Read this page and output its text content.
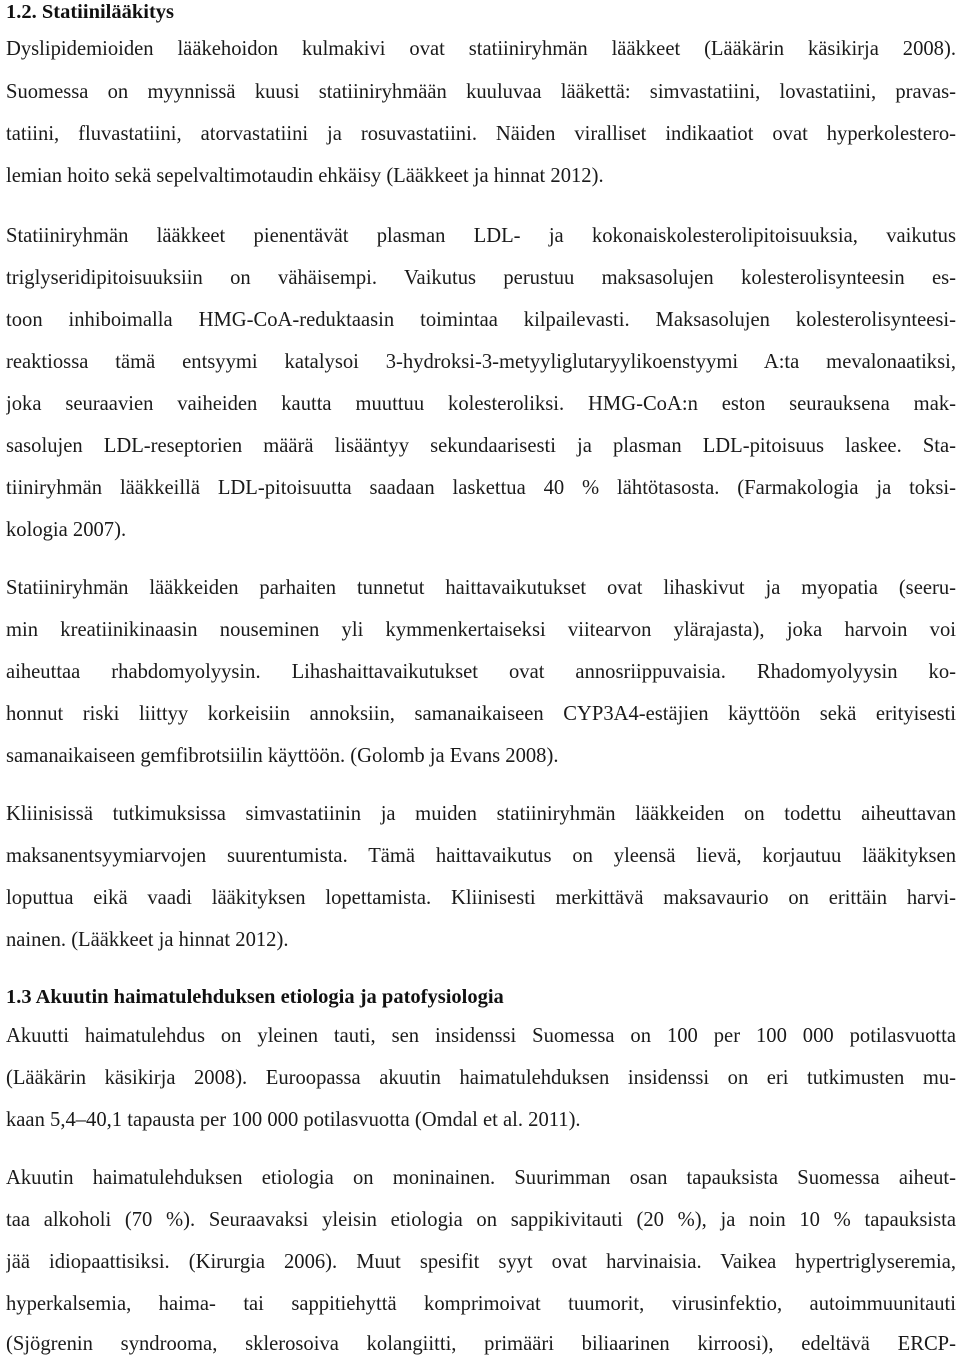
1.2. Statiinilääkitys
Dyslipidemioiden lääkehoidon kulmakivi ovat statiiniryhmän lääkkeet (Lääkärin käsikirja 2008).
Suomessa on myynnissä kuusi statiiniryhmään kuuluvaa lääkettä: simvastatiini, lovastatiini, pravas-
tatiini, fluvastatiini, atorvastatiini ja rosuvastatiini. Näiden viralliset indikaatiot ovat hyperkolestero-
lemian hoito sekä sepelvaltimotaudin ehkäisy (Lääkkeet ja hinnat 2012).
Statiiniryhmän lääkkeet pienentävät plasman LDL- ja kokonaiskolesterolipitoisuuksia, vaikutus
triglyseridipitoisuuksiin on vähäisempi. Vaikutus perustuu maksasolujen kolesterolisynteesin es-
toon inhiboimalla HMG-CoA-reduktaasin toimintaa kilpailevasti. Maksasolujen kolesterolisynteesi-
reaktiossa tämä entsyymi katalysoi 3-hydroksi-3-metyyliglutaryylikoenstyymi A:ta mevalonaatiksi,
joka seuraavien vaiheiden kautta muuttuu kolesteroliksi. HMG-CoA:n eston seurauksena mak-
sasolujen LDL-reseptorien määrä lisääntyy sekundaarisesti ja plasman LDL-pitoisuus laskee. Sta-
tiiniryhmän lääkkeillä LDL-pitoisuutta saadaan laskettua 40 % lähtötasosta. (Farmakologia ja toksi-
kologia 2007).
Statiiniryhmän lääkkeiden parhaiten tunnetut haittavaikutukset ovat lihaskivut ja myopatia (seeru-
min kreatiinikinaasin nouseminen yli kymmenkertaiseksi viitearvon ylärajasta), joka harvoin voi
aiheuttaa rhabdomyolyysin. Lihashaittavaikutukset ovat annosriippuvaisia. Rhadomyolyysin ko-
honnut riski liittyy korkeisiin annoksiin, samanaikaiseen CYP3A4-estäjien käyttöön sekä erityisesti
samanaikaiseen gemfibrotsiilin käyttöön. (Golomb ja Evans 2008).
Kliinisissä tutkimuksissa simvastatiinin ja muiden statiiniryhmän lääkkeiden on todettu aiheuttavan
maksanentsyymiarvojen suurentumista. Tämä haittavaikutus on yleensä lievä, korjautuu lääkityksen
loputtua eikä vaadi lääkityksen lopettamista. Kliinisesti merkittävä maksavaurio on erittäin harvi-
nainen. (Lääkkeet ja hinnat 2012).
1.3 Akuutin haimatulehduksen etiologia ja patofysiologia
Akuutti haimatulehdus on yleinen tauti, sen insidenssi Suomessa on 100 per 100 000 potilasvuotta
(Lääkärin käsikirja 2008). Euroopassa akuutin haimatulehduksen insidenssi on eri tutkimusten mu-
kaan 5,4–40,1 tapausta per 100 000 potilasvuotta (Omdal et al. 2011).
Akuutin haimatulehduksen etiologia on moninainen. Suurimman osan tapauksista Suomessa aiheut-
taa alkoholi (70 %). Seuraavaksi yleisin etiologia on sappikivitauti (20 %), ja noin 10 % tapauksista
jää idiopaattisiksi. (Kirurgia 2006). Muut spesifit syyt ovat harvinaisia. Vaikea hypertriglyseremia,
hyperkalsemia, haima- tai sappitiehyttä komprimoivat tuumorit, virusinfektio, autoimmuunitauti
(Sjögrenin syndrooma, sklerosoiva kolangiitti, primääri biliaarinen kirroosi), edeltävä ERCP-
